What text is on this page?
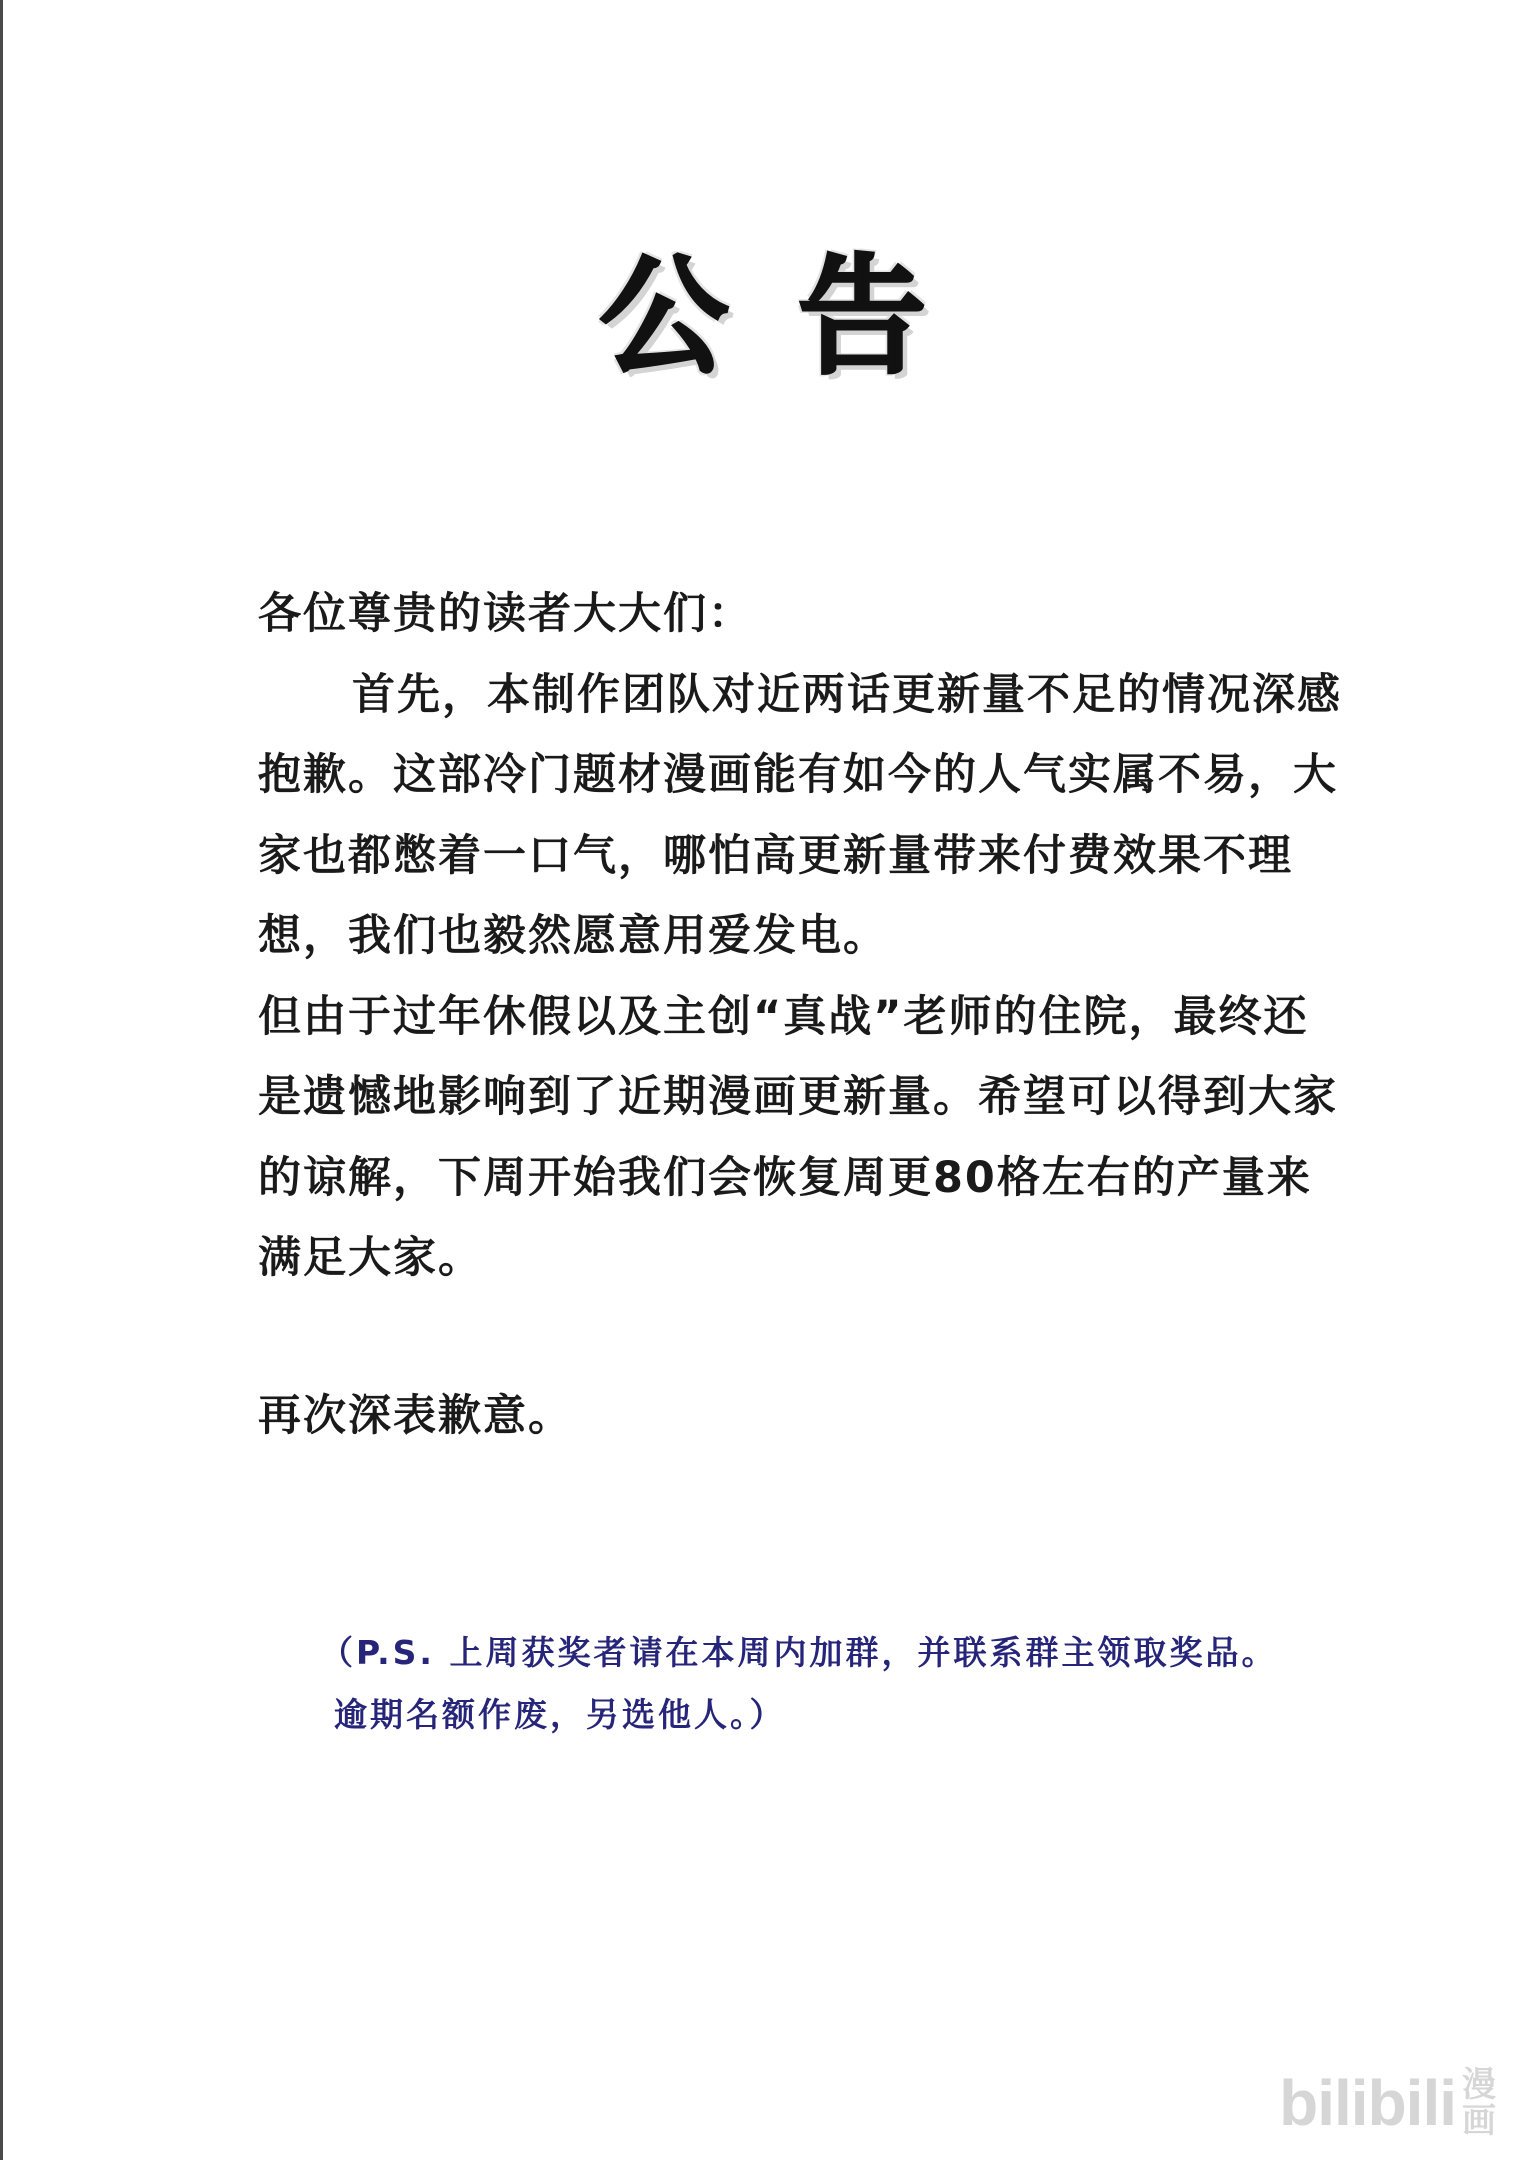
公告

各位尊贵的读者大大们：

首先，本制作团队对近两话更新量不足的情况深感抱歉。这部冷门题材漫画能有如今的人气实属不易，大家也都憋着一口气，哪怕高更新量带来付费效果不理想，我们也毅然愿意用爱发电。

但由于过年休假以及主创“真战”老师的住院，最终还是遗憾地影响到了近期漫画更新量。希望可以得到大家的谅解，下周开始我们会恢复周更80格左右的产量来满足大家。

再次深表歉意。

（P.S. 上周获奖者请在本周内加群，并联系群主领取奖品。

逾期名额作废，另选他人。）

bilibili 漫
画
